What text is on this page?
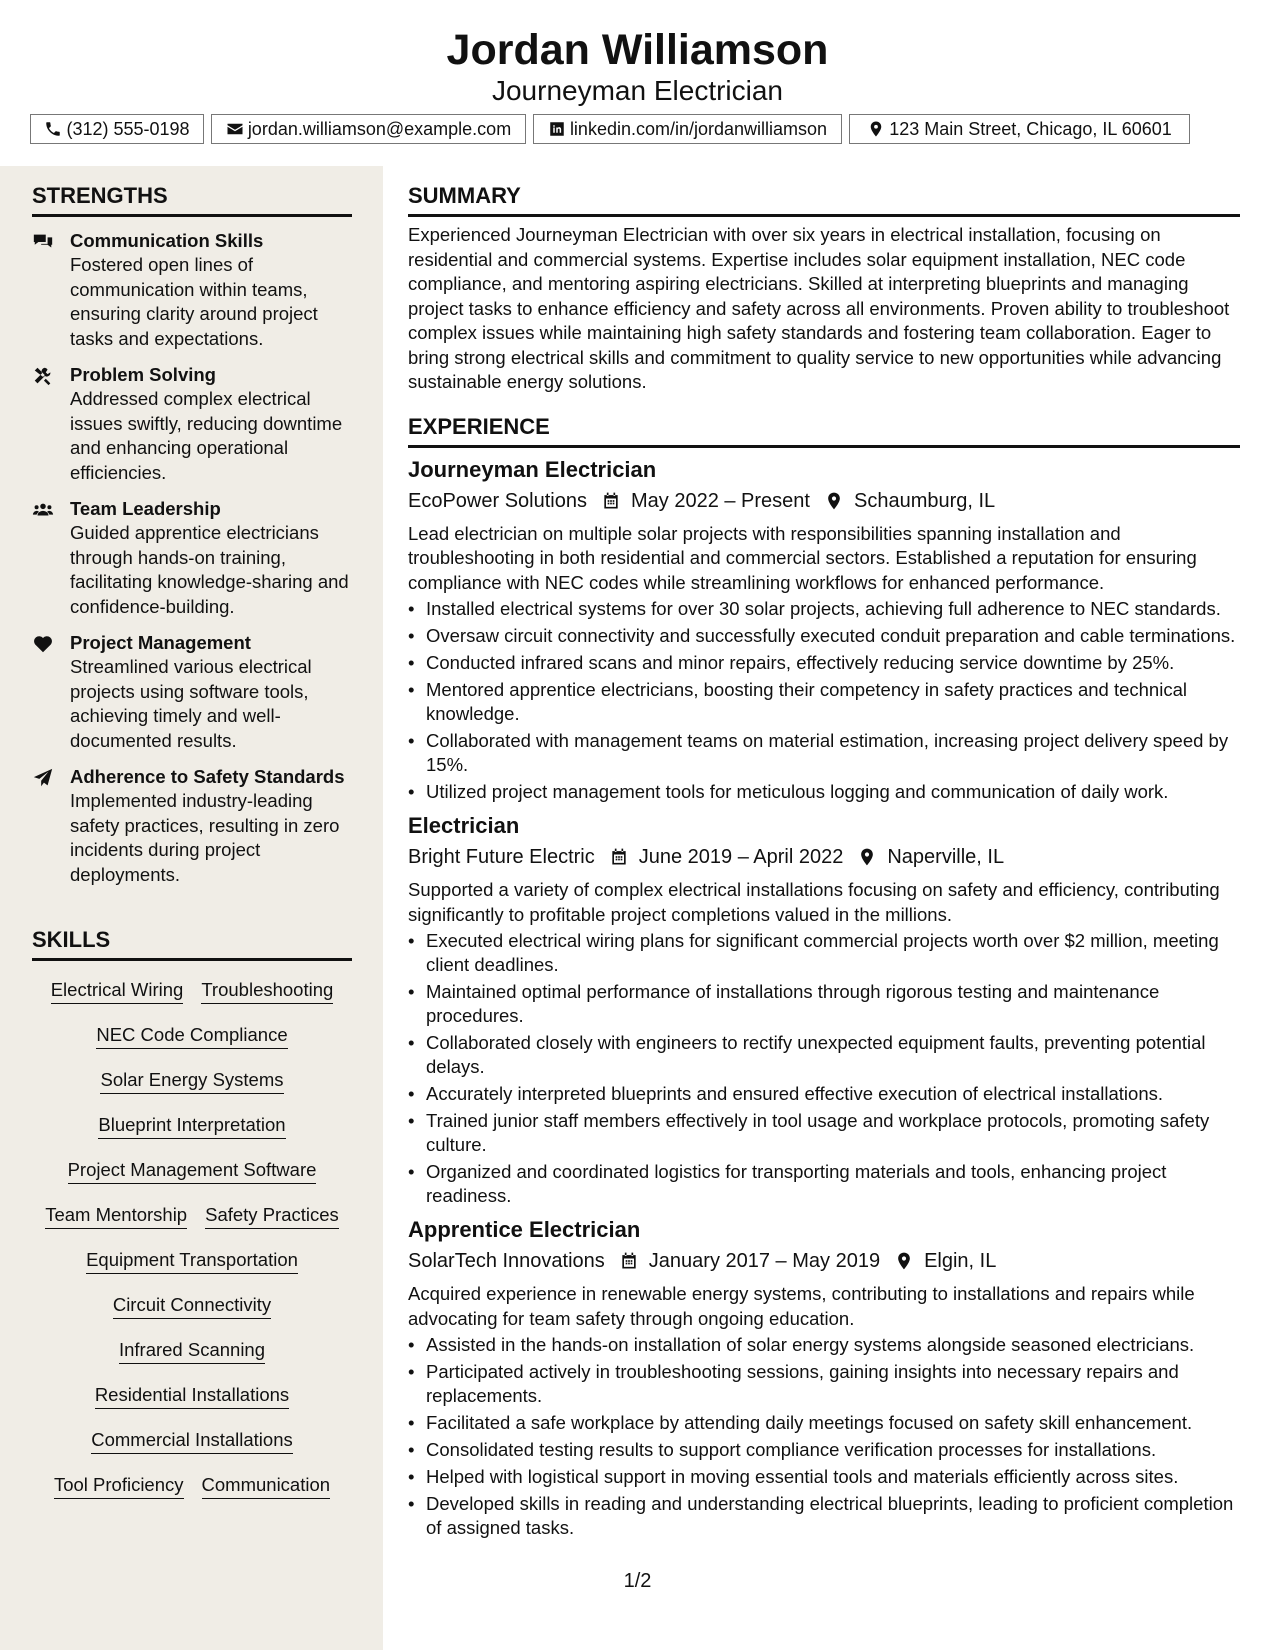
Jordan Williamson
Journeyman Electrician
(312) 555-0198	jordan.williamson@example.com	linkedin.com/in/jordanwilliamson	123 Main Street, Chicago, IL 60601
STRENGTHS
Communication Skills
Fostered open lines of communication within teams, ensuring clarity around project tasks and expectations.
Problem Solving
Addressed complex electrical issues swiftly, reducing downtime and enhancing operational efficiencies.
Team Leadership
Guided apprentice electricians through hands-on training, facilitating knowledge-sharing and confidence-building.
Project Management
Streamlined various electrical projects using software tools, achieving timely and well-documented results.
Adherence to Safety Standards
Implemented industry-leading safety practices, resulting in zero incidents during project deployments.
SKILLS
Electrical Wiring Troubleshooting
NEC Code Compliance
Solar Energy Systems
Blueprint Interpretation
Project Management Software
Team Mentorship Safety Practices
Equipment Transportation
Circuit Connectivity
Infrared Scanning
Residential Installations
Commercial Installations
Tool Proficiency Communication
SUMMARY

Experienced Journeyman Electrician with over six years in electrical installation, focusing on residential and commercial systems. Expertise includes solar equipment installation, NEC code compliance, and mentoring aspiring electricians. Skilled at interpreting blueprints and managing project tasks to enhance efficiency and safety across all environments. Proven ability to troubleshoot complex issues while maintaining high safety standards and fostering team collaboration. Eager to bring strong electrical skills and commitment to quality service to new opportunities while advancing sustainable energy solutions.

EXPERIENCE
Journeyman Electrician
EcoPower Solutions May 2022 – Present Schaumburg, IL
Lead electrician on multiple solar projects with responsibilities spanning installation and troubleshooting in both residential and commercial sectors. Established a reputation for ensuring compliance with NEC codes while streamlining workflows for enhanced performance.
• Installed electrical systems for over 30 solar projects, achieving full adherence to NEC standards.
• Oversaw circuit connectivity and successfully executed conduit preparation and cable terminations.
• Conducted infrared scans and minor repairs, effectively reducing service downtime by 25%.
• Mentored apprentice electricians, boosting their competency in safety practices and technical knowledge.
• Collaborated with management teams on material estimation, increasing project delivery speed by 15%.
• Utilized project management tools for meticulous logging and communication of daily work.
Electrician
Bright Future Electric June 2019 – April 2022 Naperville, IL
Supported a variety of complex electrical installations focusing on safety and efficiency, contributing significantly to profitable project completions valued in the millions.
• Executed electrical wiring plans for significant commercial projects worth over $2 million, meeting client deadlines.
• Maintained optimal performance of installations through rigorous testing and maintenance procedures.
• Collaborated closely with engineers to rectify unexpected equipment faults, preventing potential delays.
• Accurately interpreted blueprints and ensured effective execution of electrical installations.
• Trained junior staff members effectively in tool usage and workplace protocols, promoting safety culture.
• Organized and coordinated logistics for transporting materials and tools, enhancing project readiness.
Apprentice Electrician
SolarTech Innovations January 2017 – May 2019 Elgin, IL
Acquired experience in renewable energy systems, contributing to installations and repairs while advocating for team safety through ongoing education.
• Assisted in the hands-on installation of solar energy systems alongside seasoned electricians.
• Participated actively in troubleshooting sessions, gaining insights into necessary repairs and replacements.
• Facilitated a safe workplace by attending daily meetings focused on safety skill enhancement.
• Consolidated testing results to support compliance verification processes for installations.
• Helped with logistical support in moving essential tools and materials efficiently across sites.
• Developed skills in reading and understanding electrical blueprints, leading to proficient completion of assigned tasks.
1/2
